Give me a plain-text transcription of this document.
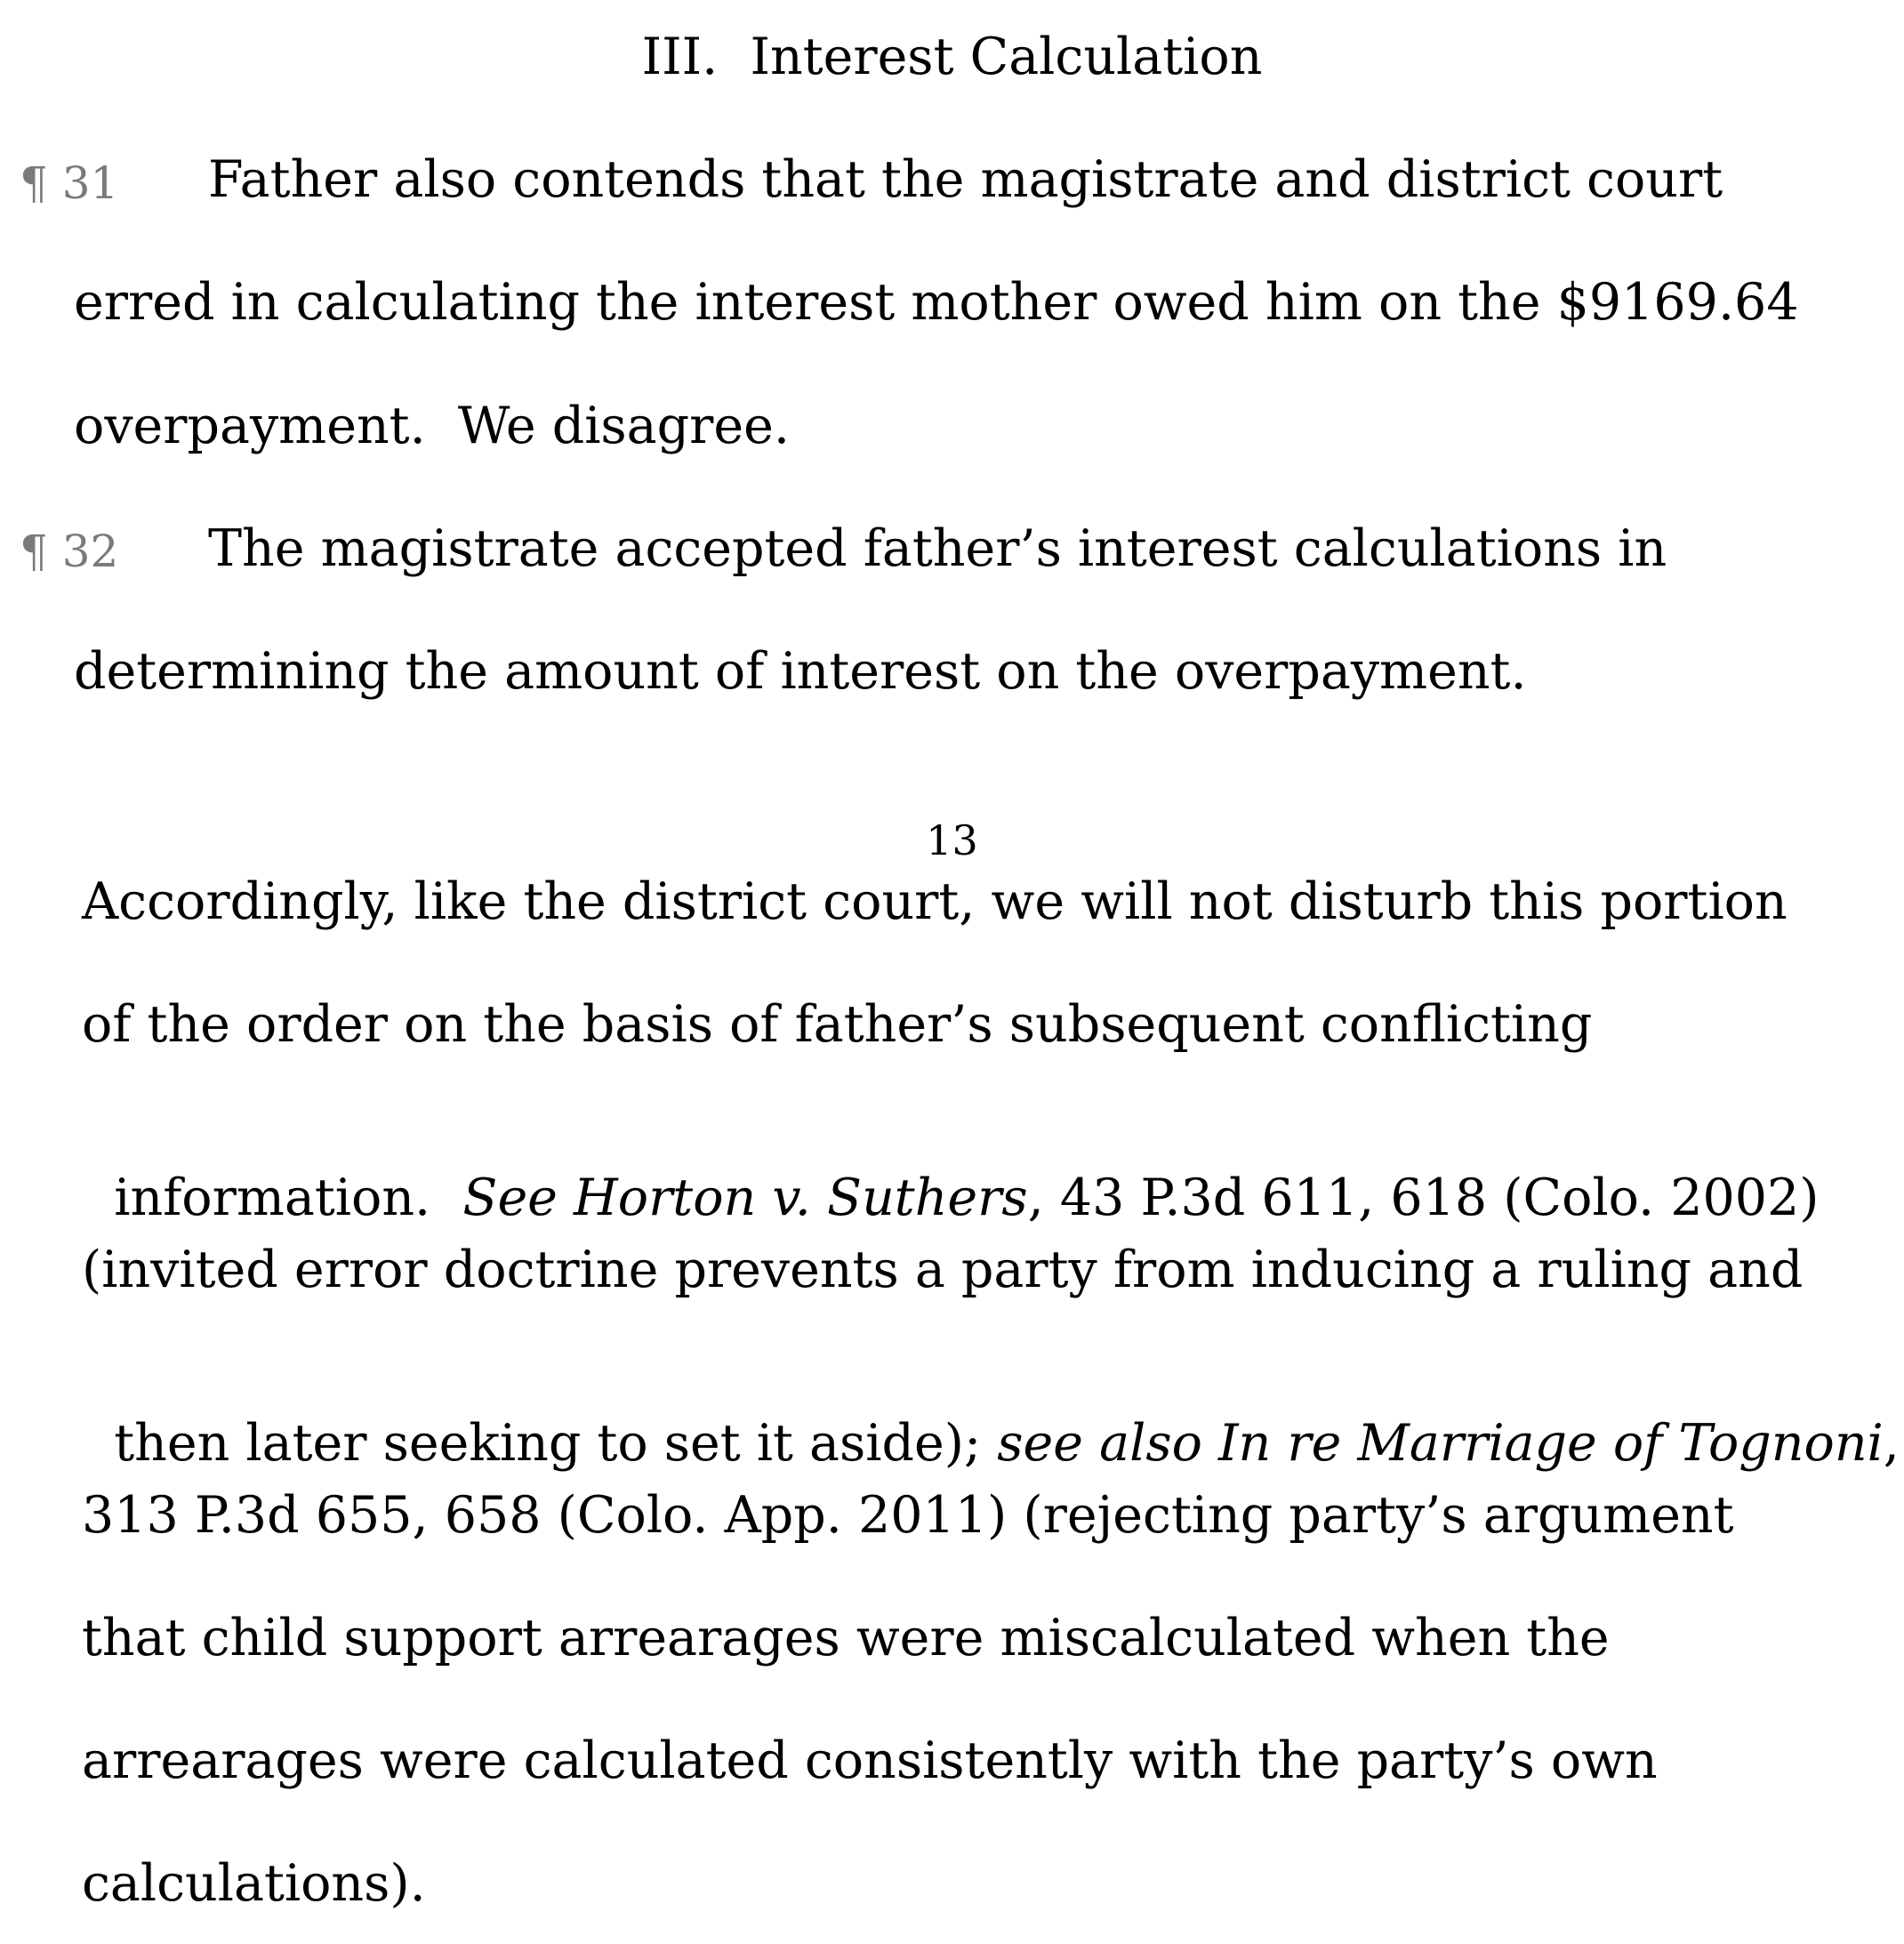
III.  Interest Calculation
¶ 31 Father also contends that the magistrate and district court
erred in calculating the interest mother owed him on the $9169.64
overpayment.  We disagree.
¶ 32 The magistrate accepted father’s interest calculations in
determining the amount of interest on the overpayment.
13
Accordingly, like the district court, we will not disturb this portion
of the order on the basis of father’s subsequent conflicting

information.  See Horton v. Suthers, 43 P.3d 611, 618 (Colo. 2002)

(invited error doctrine prevents a party from inducing a ruling and

then later seeking to set it aside); see also In re Marriage of Tognoni,

313 P.3d 655, 658 (Colo. App. 2011) (rejecting party’s argument
that child support arrearages were miscalculated when the
arrearages were calculated consistently with the party’s own
calculations).
